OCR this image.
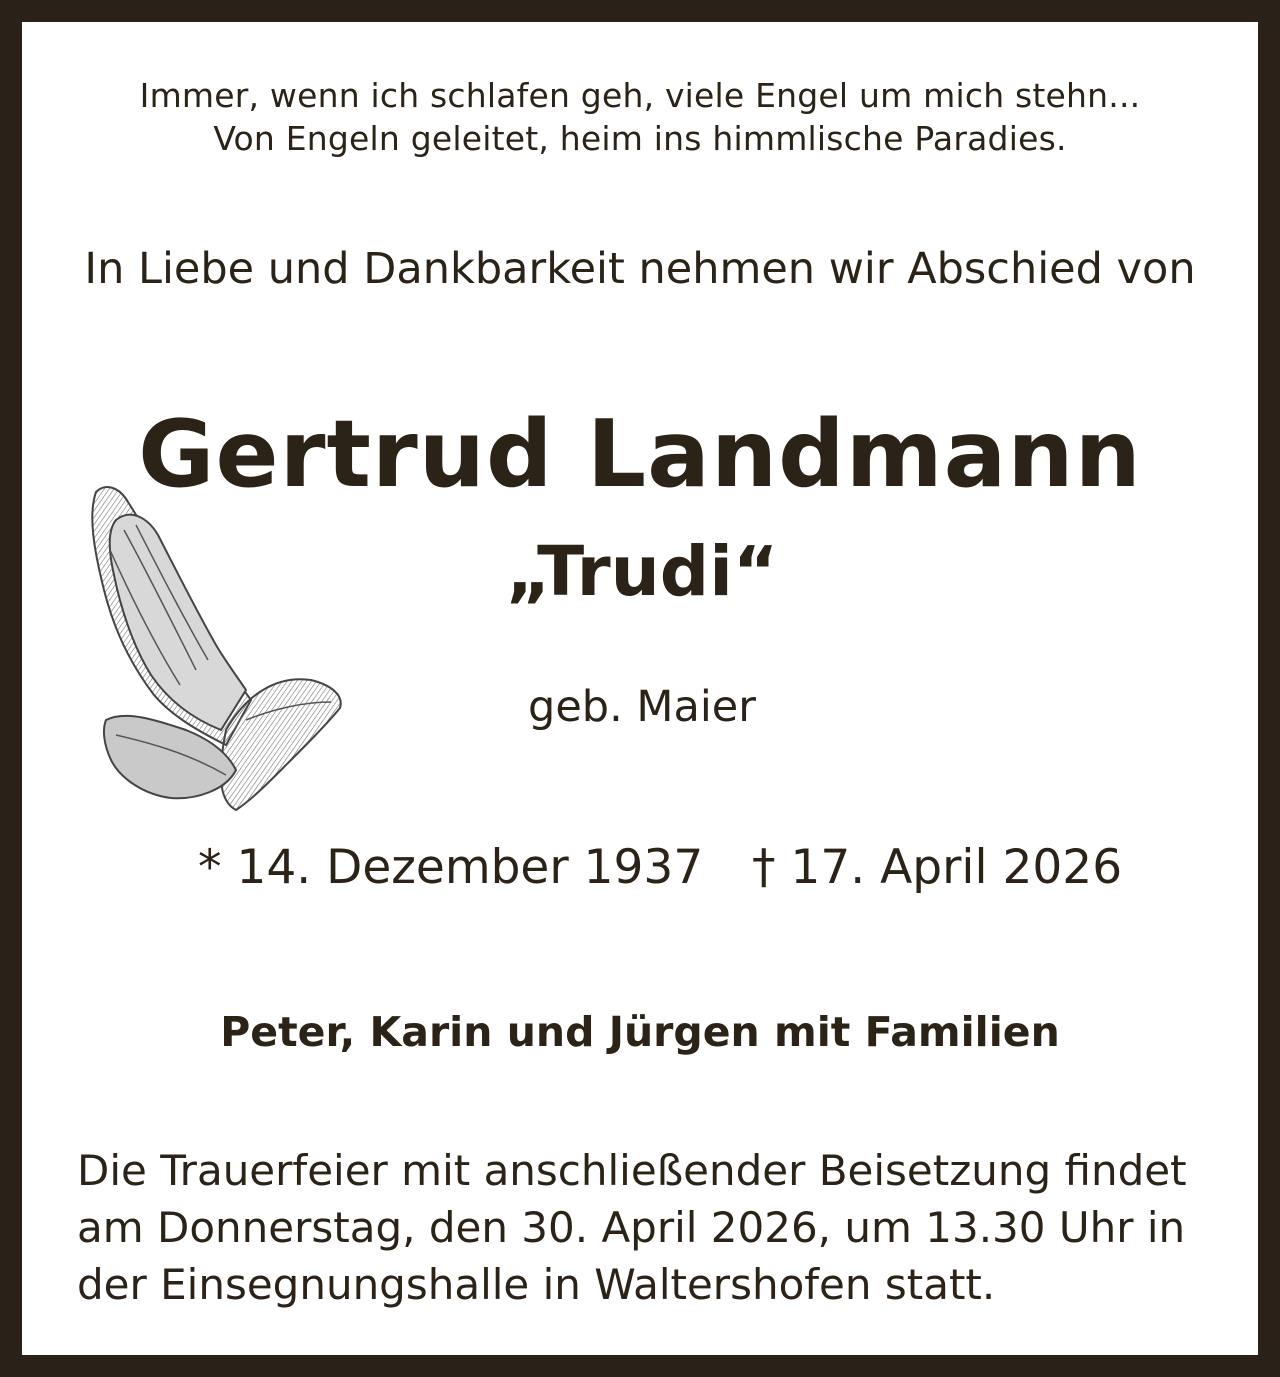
Immer, wenn ich schlafen geh, viele Engel um mich stehn...
Von Engeln geleitet, heim ins himmlische Paradies.
In Liebe und Dankbarkeit nehmen wir Abschied von
Gertrud Landmann
„Trudi“
geb. Maier
* 14. Dezember 1937 † 17. April 2026
Peter, Karin und Jürgen mit Familien
Die Trauerfeier mit anschließender Beisetzung findet
am Donnerstag, den 30. April 2026, um 13.30 Uhr in
der Einsegnungshalle in Waltershofen statt.
